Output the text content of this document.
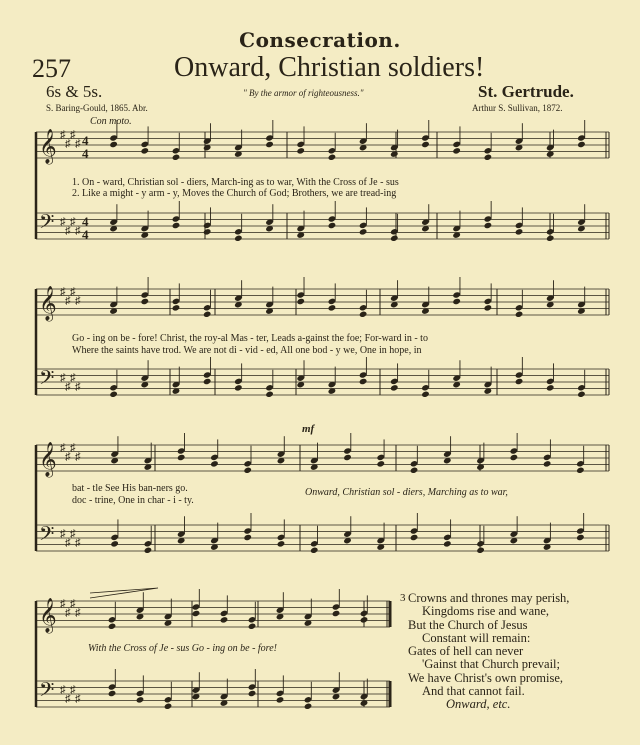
Consecration.
257	Onward, Christian soldiers!
6s & 5s.	St. Gertrude.
" By the armor of righteousness."
S. Baring-Gould, 1865. Abr.	Arthur S. Sullivan, 1872.
Con moto.
𝄞
𝄢
♯
♯
♯
♯
♯
♯
♯
♯
4
4
4
4
𝄞
𝄢
♯
♯
♯
♯
♯
♯
♯
♯
𝄞
𝄢
♯
♯
♯
♯
♯
♯
♯
♯
𝄞
𝄢
♯
♯
♯
♯
♯
♯
♯
♯
1. On - ward, Christian sol - diers, March-ing as to war, With the Cross of Je - sus
2. Like a might - y arm - y, Moves the Church of God; Brothers, we are tread-ing
Go - ing on be - fore! Christ, the roy-al Mas - ter, Leads a-gainst the foe; For-ward in - to
Where the saints have trod. We are not di - vid - ed, All one bod - y we, One in hope, in
mf
bat - tle See His ban-ners go.
doc - trine, One in char - i - ty.
Onward, Christian sol - diers, Marching as to war,
With the Cross of Je - sus Go - ing on be - fore!
3 Crowns and thrones may perish,
Kingdoms rise and wane,
But the Church of Jesus
Constant will remain:
Gates of hell can never
'Gainst that Church prevail;
We have Christ's own promise,
And that cannot fail.
Onward, etc.
